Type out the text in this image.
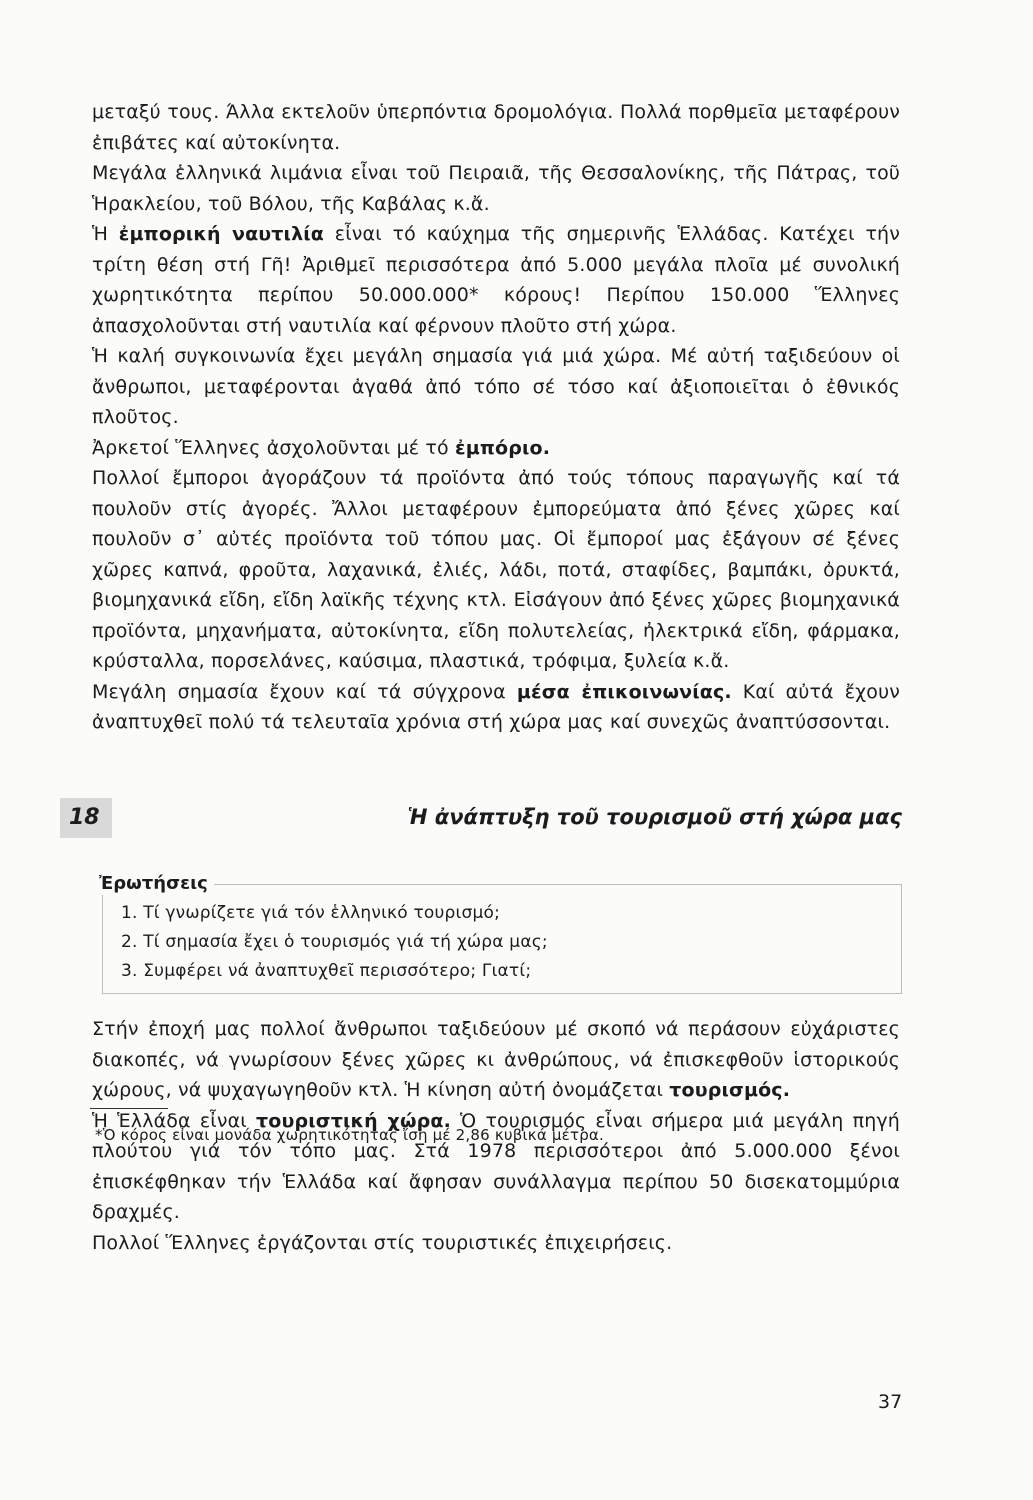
μεταξύ τους. Άλλα εκτελοῦν ὑπερπόντια δρομολόγια. Πολλά πορθμεῖα μεταφέρουν ἐπιβάτες καί αὐτοκίνητα.

Μεγάλα ἑλληνικά λιμάνια εἶναι τοῦ Πειραιᾶ, τῆς Θεσσαλονίκης, τῆς Πάτρας, τοῦ Ἡρακλείου, τοῦ Βόλου, τῆς Καβάλας κ.ἄ.

Ἡ ἐμπορική ναυτιλία εἶναι τό καύχημα τῆς σημερινῆς Ἑλλάδας. Κατέχει τήν τρίτη θέση στή Γῆ! Ἀριθμεῖ περισσότερα ἀπό 5.000 μεγάλα πλοῖα μέ συνολική χωρητικότητα περίπου 50.000.000* κόρους! Περίπου 150.000 Ἕλληνες ἀπασχολοῦνται στή ναυτιλία καί φέρνουν πλοῦτο στή χώρα.

Ἡ καλή συγκοινωνία ἔχει μεγάλη σημασία γιά μιά χώρα. Μέ αὐτή ταξιδεύουν οἱ ἄνθρωποι, μεταφέρονται ἀγαθά ἀπό τόπο σέ τόσο καί ἀξιοποιεῖται ὁ ἐθνικός πλοῦτος.

Ἀρκετοί Ἕλληνες ἀσχολοῦνται μέ τό ἐμπόριο.

Πολλοί ἔμποροι ἀγοράζουν τά προϊόντα ἀπό τούς τόπους παραγωγῆς καί τά πουλοῦν στίς ἀγορές. Ἄλλοι μεταφέρουν ἐμπορεύματα ἀπό ξένες χῶρες καί πουλοῦν σ᾽ αὐτές προϊόντα τοῦ τόπου μας. Οἱ ἔμποροί μας ἐξάγουν σέ ξένες χῶρες καπνά, φροῦτα, λαχανικά, ἐλιές, λάδι, ποτά, σταφίδες, βαμπάκι, ὀρυκτά, βιομηχανικά εἴδη, εἴδη λαϊκῆς τέχνης κτλ. Εἰσάγουν ἀπό ξένες χῶρες βιομηχανικά προϊόντα, μηχανήματα, αὐτοκίνητα, εἴδη πολυτελείας, ἠλεκτρικά εἴδη, φάρμακα, κρύσταλλα, πορσελάνες, καύσιμα, πλαστικά, τρόφιμα, ξυλεία κ.ἄ.

Μεγάλη σημασία ἔχουν καί τά σύγχρονα μέσα ἐπικοινωνίας. Καί αὐτά ἔχουν ἀναπτυχθεῖ πολύ τά τελευταῖα χρόνια στή χώρα μας καί συνεχῶς ἀναπτύσσονται.

18	Ἡ ἀνάπτυξη τοῦ τουρισμοῦ στή χώρα μας
Ἐρωτήσεις
1. Τί γνωρίζετε γιά τόν ἑλληνικό τουρισμό;
2. Τί σημασία ἔχει ὁ τουρισμός γιά τή χώρα μας;
3. Συμφέρει νά ἀναπτυχθεῖ περισσότερο; Γιατί;

Στήν ἐποχή μας πολλοί ἄνθρωποι ταξιδεύουν μέ σκοπό νά περάσουν εὐχάριστες διακοπές, νά γνωρίσουν ξένες χῶρες κι ἀνθρώπους, νά ἐπισκεφθοῦν ἱστορικούς χώρους, νά ψυχαγωγηθοῦν κτλ. Ἡ κίνηση αὐτή ὀνομάζεται τουρισμός.

Ἡ Ἑλλάδα εἶναι τουριστική χώρα. Ὁ τουρισμός εἶναι σήμερα μιά μεγάλη πηγή πλούτου γιά τόν τόπο μας. Στά 1978 περισσότεροι ἀπό 5.000.000 ξένοι ἐπισκέφθηκαν τήν Ἑλλάδα καί ἄφησαν συνάλλαγμα περίπου 50 δισεκατομμύρια δραχμές.

Πολλοί Ἕλληνες ἐργάζονται στίς τουριστικές ἐπιχειρήσεις.

*Ὁ κόρος εἶναι μονάδα χωρητικότητας ἴση μέ 2,86 κυβικά μέτρα.
37
